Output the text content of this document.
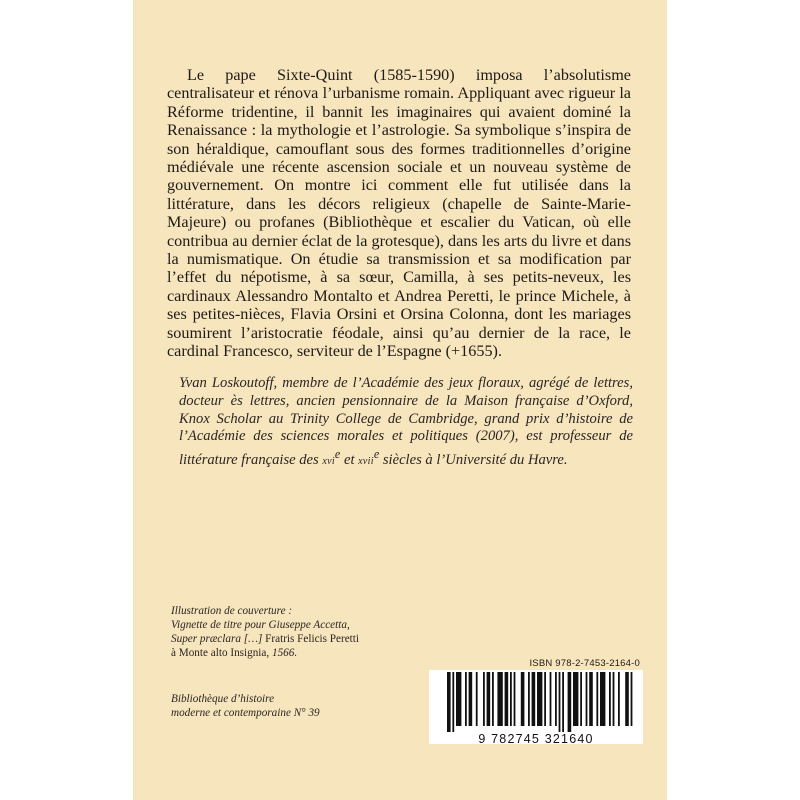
Le pape Sixte-Quint (1585-1590) imposa l’absolutisme centralisateur et rénova l’urbanisme romain. Appliquant avec rigueur la Réforme tridentine, il bannit les imaginaires qui avaient dominé la Renaissance : la mythologie et l’astrologie. Sa symbolique s’inspira de son héraldique, camouflant sous des formes traditionnelles d’origine médiévale une récente ascension sociale et un nouveau système de gouvernement. On montre ici comment elle fut utilisée dans la littérature, dans les décors religieux (chapelle de Sainte-Marie-Majeure) ou profanes (Bibliothèque et escalier du Vatican, où elle contribua au dernier éclat de la grotesque), dans les arts du livre et dans la numismatique. On étudie sa transmission et sa modification par l’effet du népotisme, à sa sœur, Camilla, à ses petits-neveux, les cardinaux Alessandro Montalto et Andrea Peretti, le prince Michele, à ses petites-nièces, Flavia Orsini et Orsina Colonna, dont les mariages soumirent l’aristocratie féodale, ainsi qu’au dernier de la race, le cardinal Francesco, serviteur de l’Espagne (+1655).

Yvan Loskoutoff, membre de l’Académie des jeux floraux, agrégé de lettres, docteur ès lettres, ancien pensionnaire de la Maison française d’Oxford, Knox Scholar au Trinity College de Cambridge, grand prix d’histoire de l’Académie des sciences morales et politiques (2007), est professeur de littérature française des xvi$^e$ et xvii$^e$ siècles à l’Université du Havre.

Illustration de couverture :
Vignette de titre pour Giuseppe Accetta,
Super præclara […] Fratris Felicis Peretti
à Monte alto Insignia, 1566.

Bibliothèque d’histoire
moderne et contemporaine N° 39

ISBN 978-2-7453-2164-0
9 782745 321640
